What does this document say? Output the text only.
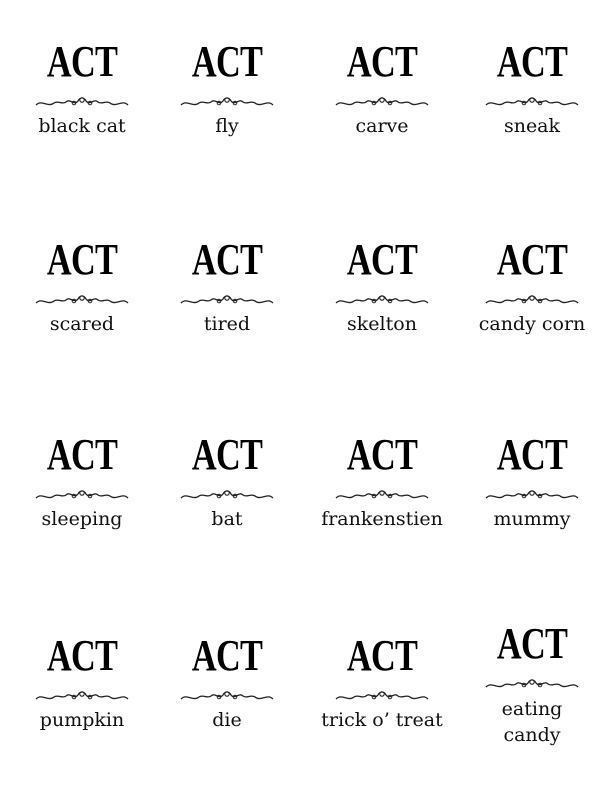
ACT
black cat
ACT
fly
ACT
carve
ACT
sneak
ACT
scared
ACT
tired
ACT
skelton
ACT
candy corn
ACT
sleeping
ACT
bat
ACT
frankenstien
ACT
mummy
ACT
pumpkin
ACT
die
ACT
trick o’ treat
ACT
eating candy
